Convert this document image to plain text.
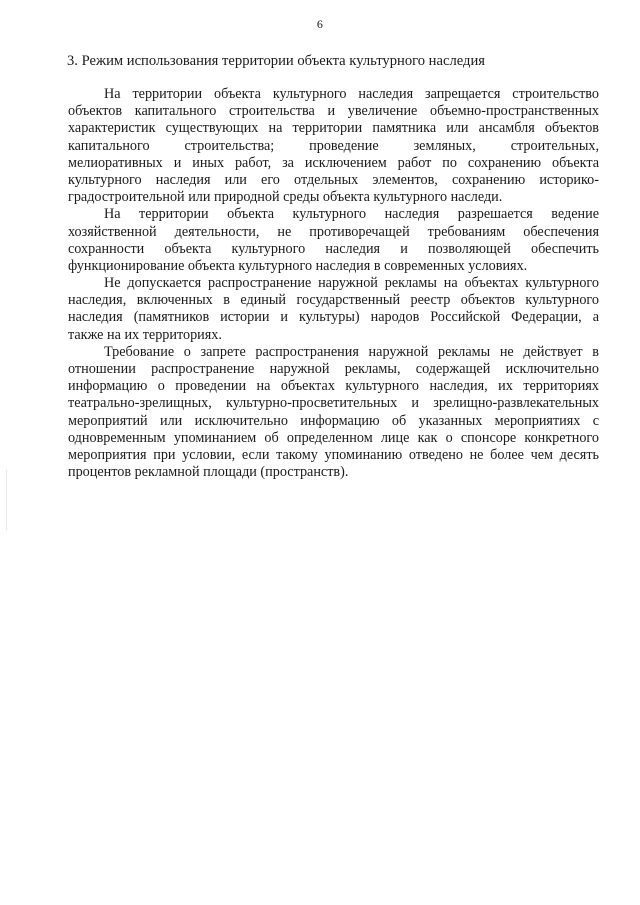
6
3. Режим использования территории объекта культурного наследия

На территории объекта культурного наследия запрещается строительство
объектов капитального строительства и увеличение объемно-пространственных
характеристик существующих на территории памятника или ансамбля объектов
капитального строительства; проведение земляных, строительных,
мелиоративных и иных работ, за исключением работ по сохранению объекта
культурного наследия или его отдельных элементов, сохранению историко-
градостроительной или природной среды объекта культурного наследи.

На территории объекта культурного наследия разрешается ведение
хозяйственной деятельности, не противоречащей требованиям обеспечения
сохранности объекта культурного наследия и позволяющей обеспечить
функционирование объекта культурного наследия в современных условиях.

Не допускается распространение наружной рекламы на объектах культурного
наследия, включенных в единый государственный реестр объектов культурного
наследия (памятников истории и культуры) народов Российской Федерации, а
также на их территориях.

Требование о запрете распространения наружной рекламы не действует в
отношении распространение наружной рекламы, содержащей исключительно
информацию о проведении на объектах культурного наследия, их территориях
театрально-зрелищных, культурно-просветительных и зрелищно-развлекательных
мероприятий или исключительно информацию об указанных мероприятиях с
одновременным упоминанием об определенном лице как о спонсоре конкретного
мероприятия при условии, если такому упоминанию отведено не более чем десять
процентов рекламной площади (пространств).
